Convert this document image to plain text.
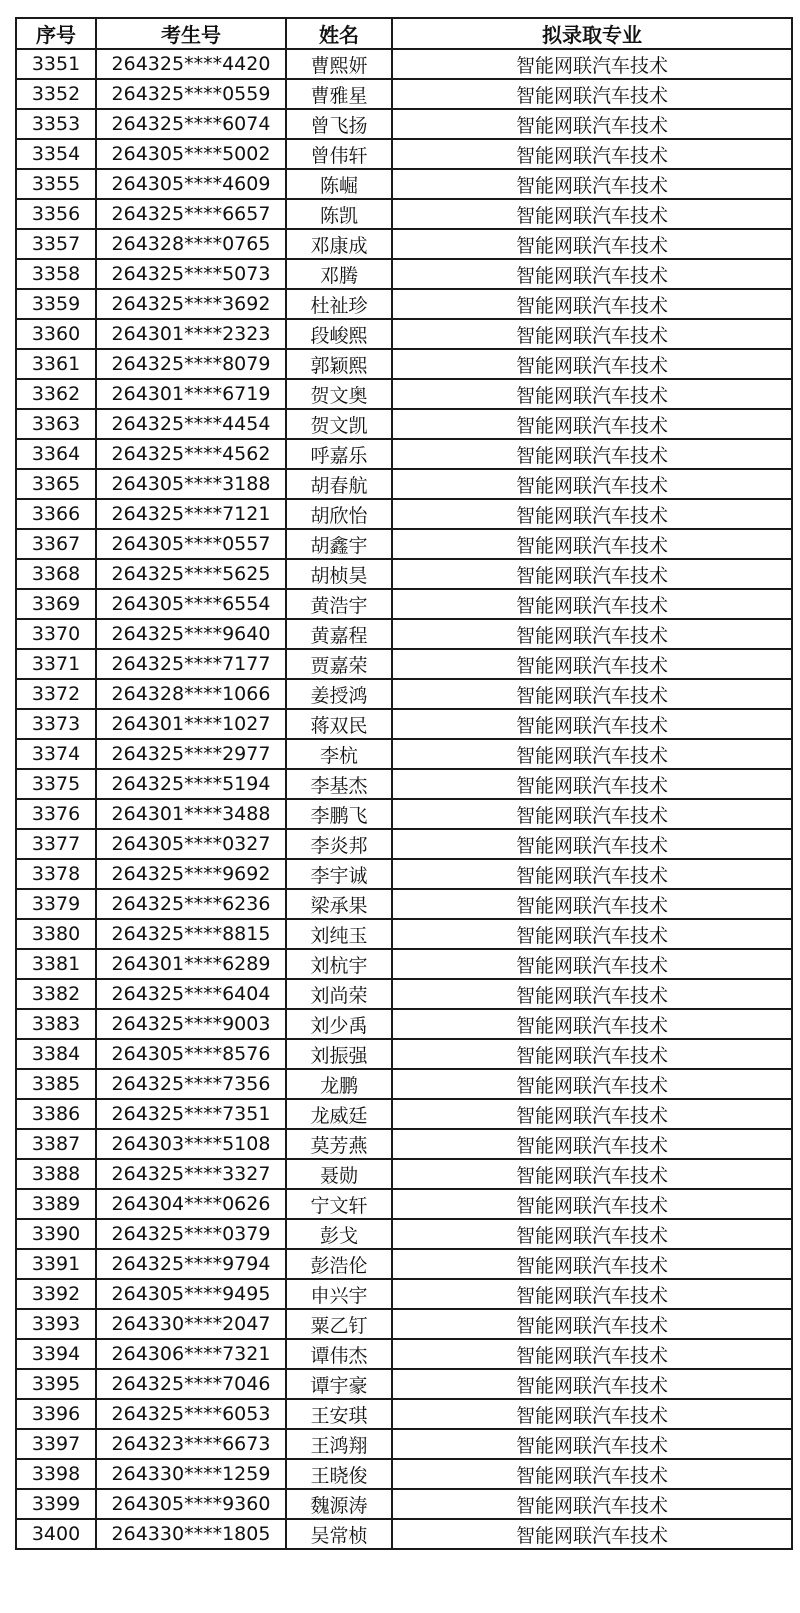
序号	考生号	姓名	拟录取专业
3351	264325****4420	曹熙妍	智能网联汽车技术
3352	264325****0559	曹雅星	智能网联汽车技术
3353	264325****6074	曾飞扬	智能网联汽车技术
3354	264305****5002	曾伟轩	智能网联汽车技术
3355	264305****4609	陈崛	智能网联汽车技术
3356	264325****6657	陈凯	智能网联汽车技术
3357	264328****0765	邓康成	智能网联汽车技术
3358	264325****5073	邓腾	智能网联汽车技术
3359	264325****3692	杜祉珍	智能网联汽车技术
3360	264301****2323	段峻熙	智能网联汽车技术
3361	264325****8079	郭颖熙	智能网联汽车技术
3362	264301****6719	贺文奥	智能网联汽车技术
3363	264325****4454	贺文凯	智能网联汽车技术
3364	264325****4562	呼嘉乐	智能网联汽车技术
3365	264305****3188	胡春航	智能网联汽车技术
3366	264325****7121	胡欣怡	智能网联汽车技术
3367	264305****0557	胡鑫宇	智能网联汽车技术
3368	264325****5625	胡桢昊	智能网联汽车技术
3369	264305****6554	黄浩宇	智能网联汽车技术
3370	264325****9640	黄嘉程	智能网联汽车技术
3371	264325****7177	贾嘉荣	智能网联汽车技术
3372	264328****1066	姜授鸿	智能网联汽车技术
3373	264301****1027	蒋双民	智能网联汽车技术
3374	264325****2977	李杭	智能网联汽车技术
3375	264325****5194	李基杰	智能网联汽车技术
3376	264301****3488	李鹏飞	智能网联汽车技术
3377	264305****0327	李炎邦	智能网联汽车技术
3378	264325****9692	李宇诚	智能网联汽车技术
3379	264325****6236	梁承果	智能网联汽车技术
3380	264325****8815	刘纯玉	智能网联汽车技术
3381	264301****6289	刘杭宇	智能网联汽车技术
3382	264325****6404	刘尚荣	智能网联汽车技术
3383	264325****9003	刘少禹	智能网联汽车技术
3384	264305****8576	刘振强	智能网联汽车技术
3385	264325****7356	龙鹏	智能网联汽车技术
3386	264325****7351	龙威廷	智能网联汽车技术
3387	264303****5108	莫芳燕	智能网联汽车技术
3388	264325****3327	聂勋	智能网联汽车技术
3389	264304****0626	宁文轩	智能网联汽车技术
3390	264325****0379	彭戈	智能网联汽车技术
3391	264325****9794	彭浩伦	智能网联汽车技术
3392	264305****9495	申兴宇	智能网联汽车技术
3393	264330****2047	粟乙钉	智能网联汽车技术
3394	264306****7321	谭伟杰	智能网联汽车技术
3395	264325****7046	谭宇豪	智能网联汽车技术
3396	264325****6053	王安琪	智能网联汽车技术
3397	264323****6673	王鸿翔	智能网联汽车技术
3398	264330****1259	王晓俊	智能网联汽车技术
3399	264305****9360	魏源涛	智能网联汽车技术
3400	264330****1805	吴常桢	智能网联汽车技术
